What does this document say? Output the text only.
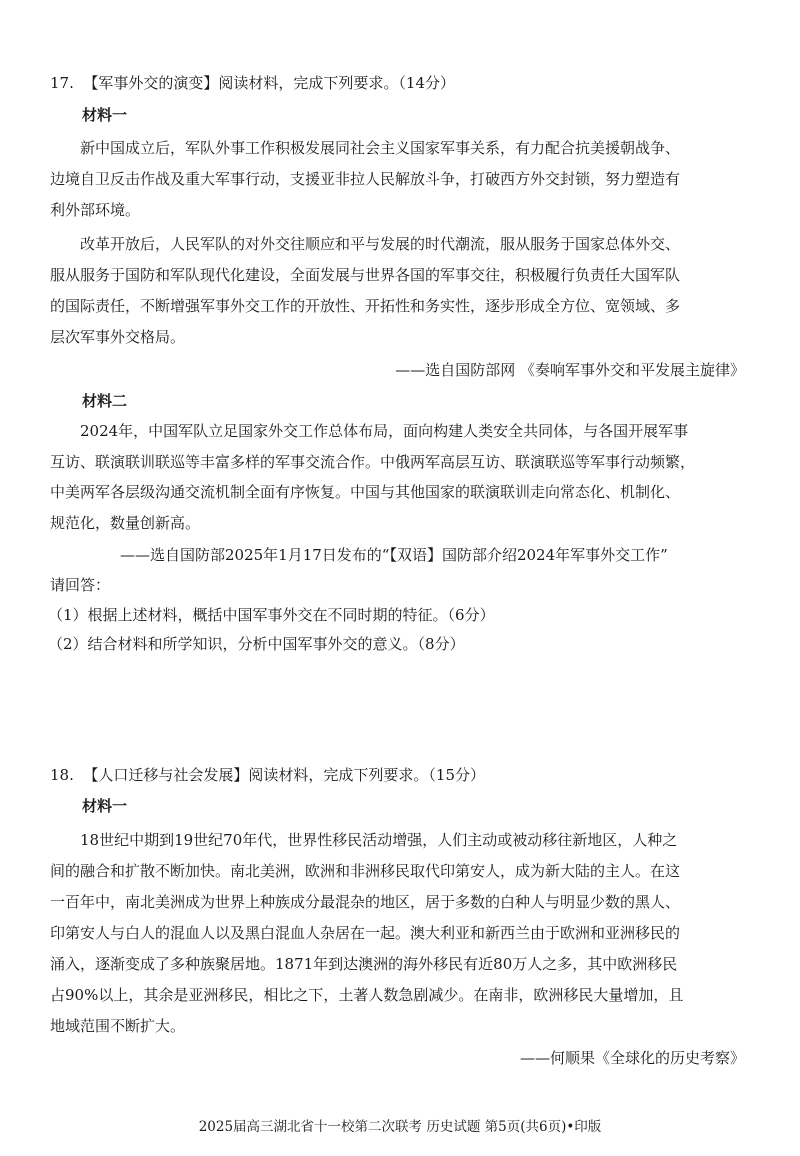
17. 【军事外交的演变】阅读材料，完成下列要求。（14分）
材料一
新中国成立后，军队外事工作积极发展同社会主义国家军事关系，有力配合抗美援朝战争、
边境自卫反击作战及重大军事行动，支援亚非拉人民解放斗争，打破西方外交封锁，努力塑造有
利外部环境。
改革开放后，人民军队的对外交往顺应和平与发展的时代潮流，服从服务于国家总体外交、
服从服务于国防和军队现代化建设，全面发展与世界各国的军事交往，积极履行负责任大国军队
的国际责任，不断增强军事外交工作的开放性、开拓性和务实性，逐步形成全方位、宽领域、多
层次军事外交格局。
——选自国防部网 《奏响军事外交和平发展主旋律》
材料二
2024年，中国军队立足国家外交工作总体布局，面向构建人类安全共同体，与各国开展军事
互访、联演联训联巡等丰富多样的军事交流合作。中俄两军高层互访、联演联巡等军事行动频繁，
中美两军各层级沟通交流机制全面有序恢复。中国与其他国家的联演联训走向常态化、机制化、
规范化，数量创新高。
——选自国防部2025年1月17日发布的“【双语】国防部介绍2024年军事外交工作”
请回答：
（1）根据上述材料，概括中国军事外交在不同时期的特征。（6分）
（2）结合材料和所学知识，分析中国军事外交的意义。（8分）
18. 【人口迁移与社会发展】阅读材料，完成下列要求。（15分）
材料一
18世纪中期到19世纪70年代，世界性移民活动增强，人们主动或被动移往新地区，人种之
间的融合和扩散不断加快。南北美洲，欧洲和非洲移民取代印第安人，成为新大陆的主人。在这
一百年中，南北美洲成为世界上种族成分最混杂的地区，居于多数的白种人与明显少数的黑人、
印第安人与白人的混血人以及黑白混血人杂居在一起。澳大利亚和新西兰由于欧洲和亚洲移民的
涌入，逐渐变成了多种族聚居地。1871年到达澳洲的海外移民有近80万人之多，其中欧洲移民
占90%以上，其余是亚洲移民，相比之下，土著人数急剧减少。在南非，欧洲移民大量增加，且
地域范围不断扩大。
——何顺果《全球化的历史考察》
2025届高三湖北省十一校第二次联考 历史试题 第5页(共6页)•印版
